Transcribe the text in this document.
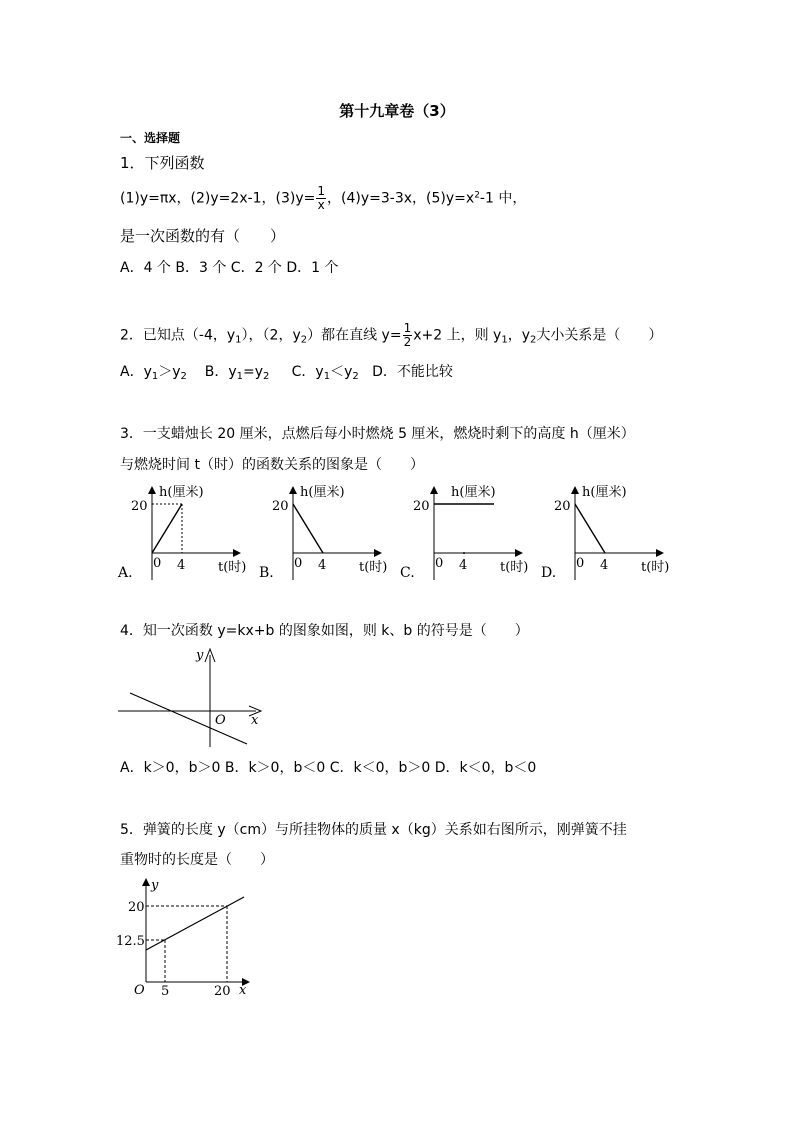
第十九章卷（3）
一、选择题
1．下列函数
(1)y=πx，(2)y=2x-1，$(3)y= \frac{1}{x}$ ，(4)y=3-3x，$(5)y=x^2-1$ 中，
是一次函数的有（　　）
A．4 个 B．3 个 C．2 个 D．1 个
2．已知点（-4，$y_1$），（2，$y_2$）都在直线 $y= \frac{1}{2} x+2$ 上，则 $y_1$，$y_2$大小关系是（　　）
A．$y_1>y_2$ B．$y_1=y_2$ C．$y_1<y_2$ D．不能比较
3．一支蜡烛长 20 厘米，点燃后每小时燃烧 5 厘米，燃烧时剩下的高度 h（厘米）
与燃烧时间 t（时）的函数关系的图象是（　　）
h(厘米)
20
0 4	t(时)
A.
h(厘米)
20
0 4	t(时)
B.
h(厘米)
20
0 4	t(时)
C.
h(厘米)
20
0 4	t(时)
D.
4．知一次函数 y=kx+b 的图象如图，则 k、b 的符号是（　　）
y
O x
A．k＞0，b＞0 B．k＞0，b＜0 C．k＜0，b＞0 D．k＜0，b＜0
5．弹簧的长度 y（cm）与所挂物体的质量 x（kg）关系如右图所示，刚弹簧不挂
重物时的长度是（　　）
y
20
12.5
O 5	20 x
